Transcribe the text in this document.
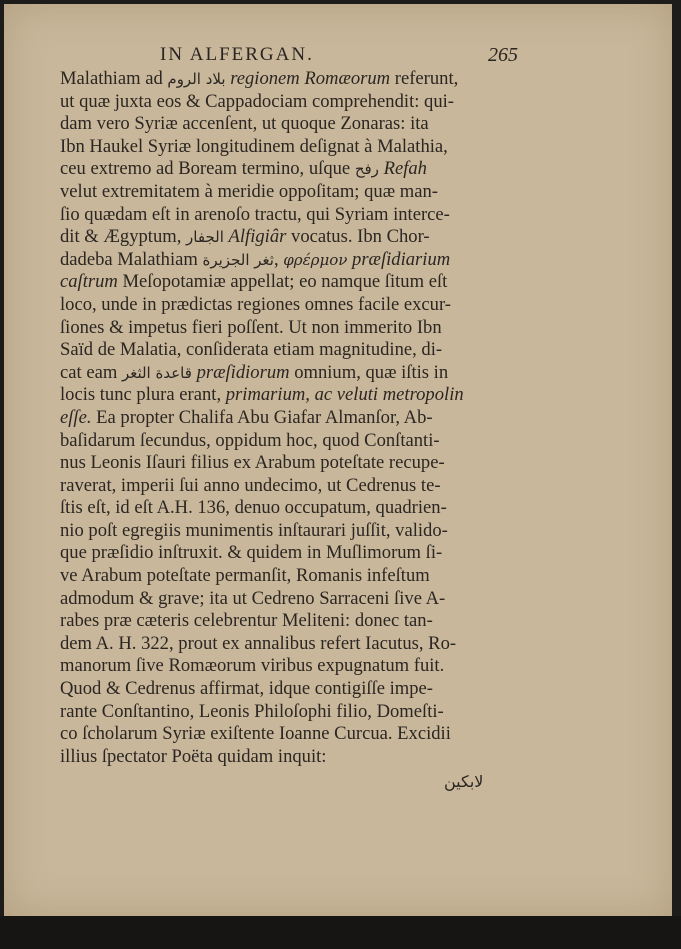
IN ALFERGAN.	265
Malathiam ad بلاد الروم regionem Romæorum referunt,
ut quæ juxta eos & Cappadociam comprehendit: qui-
dam vero Syriæ accenſent, ut quoque Zonaras: ita
Ibn Haukel Syriæ longitudinem deſignat à Malathia,
ceu extremo ad Boream termino, uſque رفح Refah
velut extremitatem à meridie oppoſitam; quæ man-
ſio quædam eſt in arenoſo tractu, qui Syriam interce-
dit & Ægyptum, الجفار Alfigiâr vocatus. Ibn Chor-
dadeba Malathiam ثغر الجزيرة, φρέρμον præſidiarium
caſtrum Meſopotamiæ appellat; eo namque ſitum eſt
loco, unde in prædictas regiones omnes facile excur-
ſiones & impetus fieri poſſent. Ut non immerito Ibn
Saïd de Malatia, conſiderata etiam magnitudine, di-
cat eam قاعدة الثغر præſidiorum omnium, quæ iſtis in
locis tunc plura erant, primarium, ac veluti metropolin
eſſe. Ea propter Chalifa Abu Giafar Almanſor, Ab-
baſidarum ſecundus, oppidum hoc, quod Conſtanti-
nus Leonis Iſauri filius ex Arabum poteſtate recupe-
raverat, imperii ſui anno undecimo, ut Cedrenus te-
ſtis eſt, id eſt A.H. 136, denuo occupatum, quadrien-
nio poſt egregiis munimentis inſtaurari juſſit, valido-
que præſidio inſtruxit. & quidem in Muſlimorum ſi-
ve Arabum poteſtate permanſit, Romanis infeſtum
admodum & grave; ita ut Cedreno Sarraceni ſive A-
rabes præ cæteris celebrentur Meliteni: donec tan-
dem A. H. 322, prout ex annalibus refert Iacutus, Ro-
manorum ſive Romæorum viribus expugnatum fuit.
Quod & Cedrenus affirmat, idque contigiſſe impe-
rante Conſtantino, Leonis Philoſophi filio, Domeſti-
co ſcholarum Syriæ exiſtente Ioanne Curcua. Excidii
illius ſpectator Poëta quidam inquit:
لابكين
